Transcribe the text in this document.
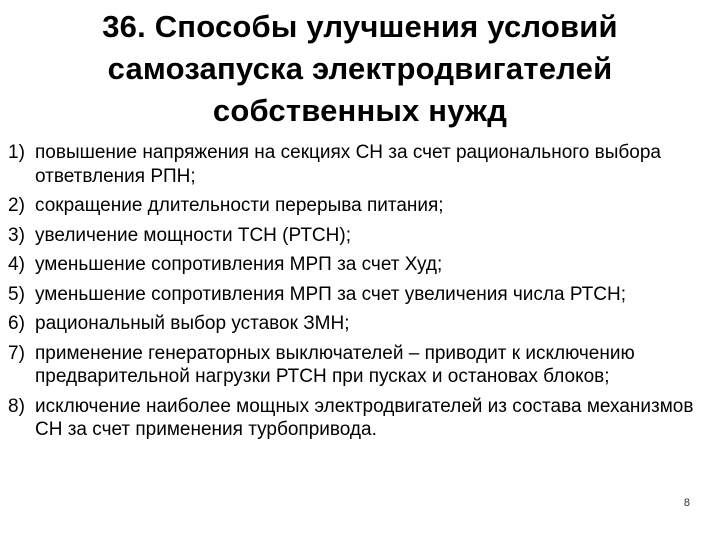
36. Способы улучшения условий самозапуска электродвигателей собственных нужд
1) повышение напряжения на секциях СН за счет рационального выбора ответвления РПН;
2) сокращение длительности перерыва питания;
3) увеличение мощности ТСН (РТСН);
4) уменьшение сопротивления МРП за счет Худ;
5) уменьшение сопротивления МРП за счет увеличения числа РТСН;
6) рациональный выбор уставок ЗМН;
7) применение генераторных выключателей – приводит к исключению предварительной нагрузки РТСН при пусках и остановах блоков;
8) исключение наиболее мощных электродвигателей из состава механизмов СН за счет применения турбопривода.
8
